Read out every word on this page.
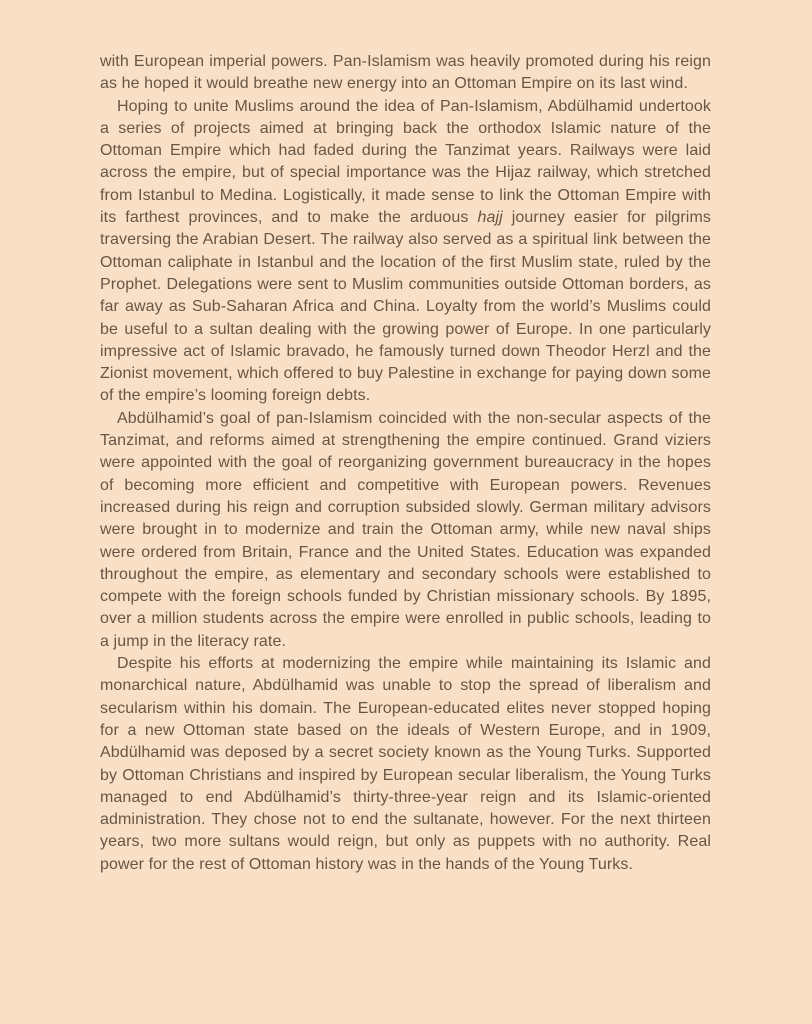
with European imperial powers. Pan-Islamism was heavily promoted during his reign as he hoped it would breathe new energy into an Ottoman Empire on its last wind.

Hoping to unite Muslims around the idea of Pan-Islamism, Abdülhamid undertook a series of projects aimed at bringing back the orthodox Islamic nature of the Ottoman Empire which had faded during the Tanzimat years. Railways were laid across the empire, but of special importance was the Hijaz railway, which stretched from Istanbul to Medina. Logistically, it made sense to link the Ottoman Empire with its farthest provinces, and to make the arduous hajj journey easier for pilgrims traversing the Arabian Desert. The railway also served as a spiritual link between the Ottoman caliphate in Istanbul and the location of the first Muslim state, ruled by the Prophet. Delegations were sent to Muslim communities outside Ottoman borders, as far away as Sub-Saharan Africa and China. Loyalty from the world’s Muslims could be useful to a sultan dealing with the growing power of Europe. In one particularly impressive act of Islamic bravado, he famously turned down Theodor Herzl and the Zionist movement, which offered to buy Palestine in exchange for paying down some of the empire’s looming foreign debts.

Abdülhamid’s goal of pan-Islamism coincided with the non-secular aspects of the Tanzimat, and reforms aimed at strengthening the empire continued. Grand viziers were appointed with the goal of reorganizing government bureaucracy in the hopes of becoming more efficient and competitive with European powers. Revenues increased during his reign and corruption subsided slowly. German military advisors were brought in to modernize and train the Ottoman army, while new naval ships were ordered from Britain, France and the United States. Education was expanded throughout the empire, as elementary and secondary schools were established to compete with the foreign schools funded by Christian missionary schools. By 1895, over a million students across the empire were enrolled in public schools, leading to a jump in the literacy rate.

Despite his efforts at modernizing the empire while maintaining its Islamic and monarchical nature, Abdülhamid was unable to stop the spread of liberalism and secularism within his domain. The European-educated elites never stopped hoping for a new Ottoman state based on the ideals of Western Europe, and in 1909, Abdülhamid was deposed by a secret society known as the Young Turks. Supported by Ottoman Christians and inspired by European secular liberalism, the Young Turks managed to end Abdülhamid’s thirty-three-year reign and its Islamic-oriented administration. They chose not to end the sultanate, however. For the next thirteen years, two more sultans would reign, but only as puppets with no authority. Real power for the rest of Ottoman history was in the hands of the Young Turks.
